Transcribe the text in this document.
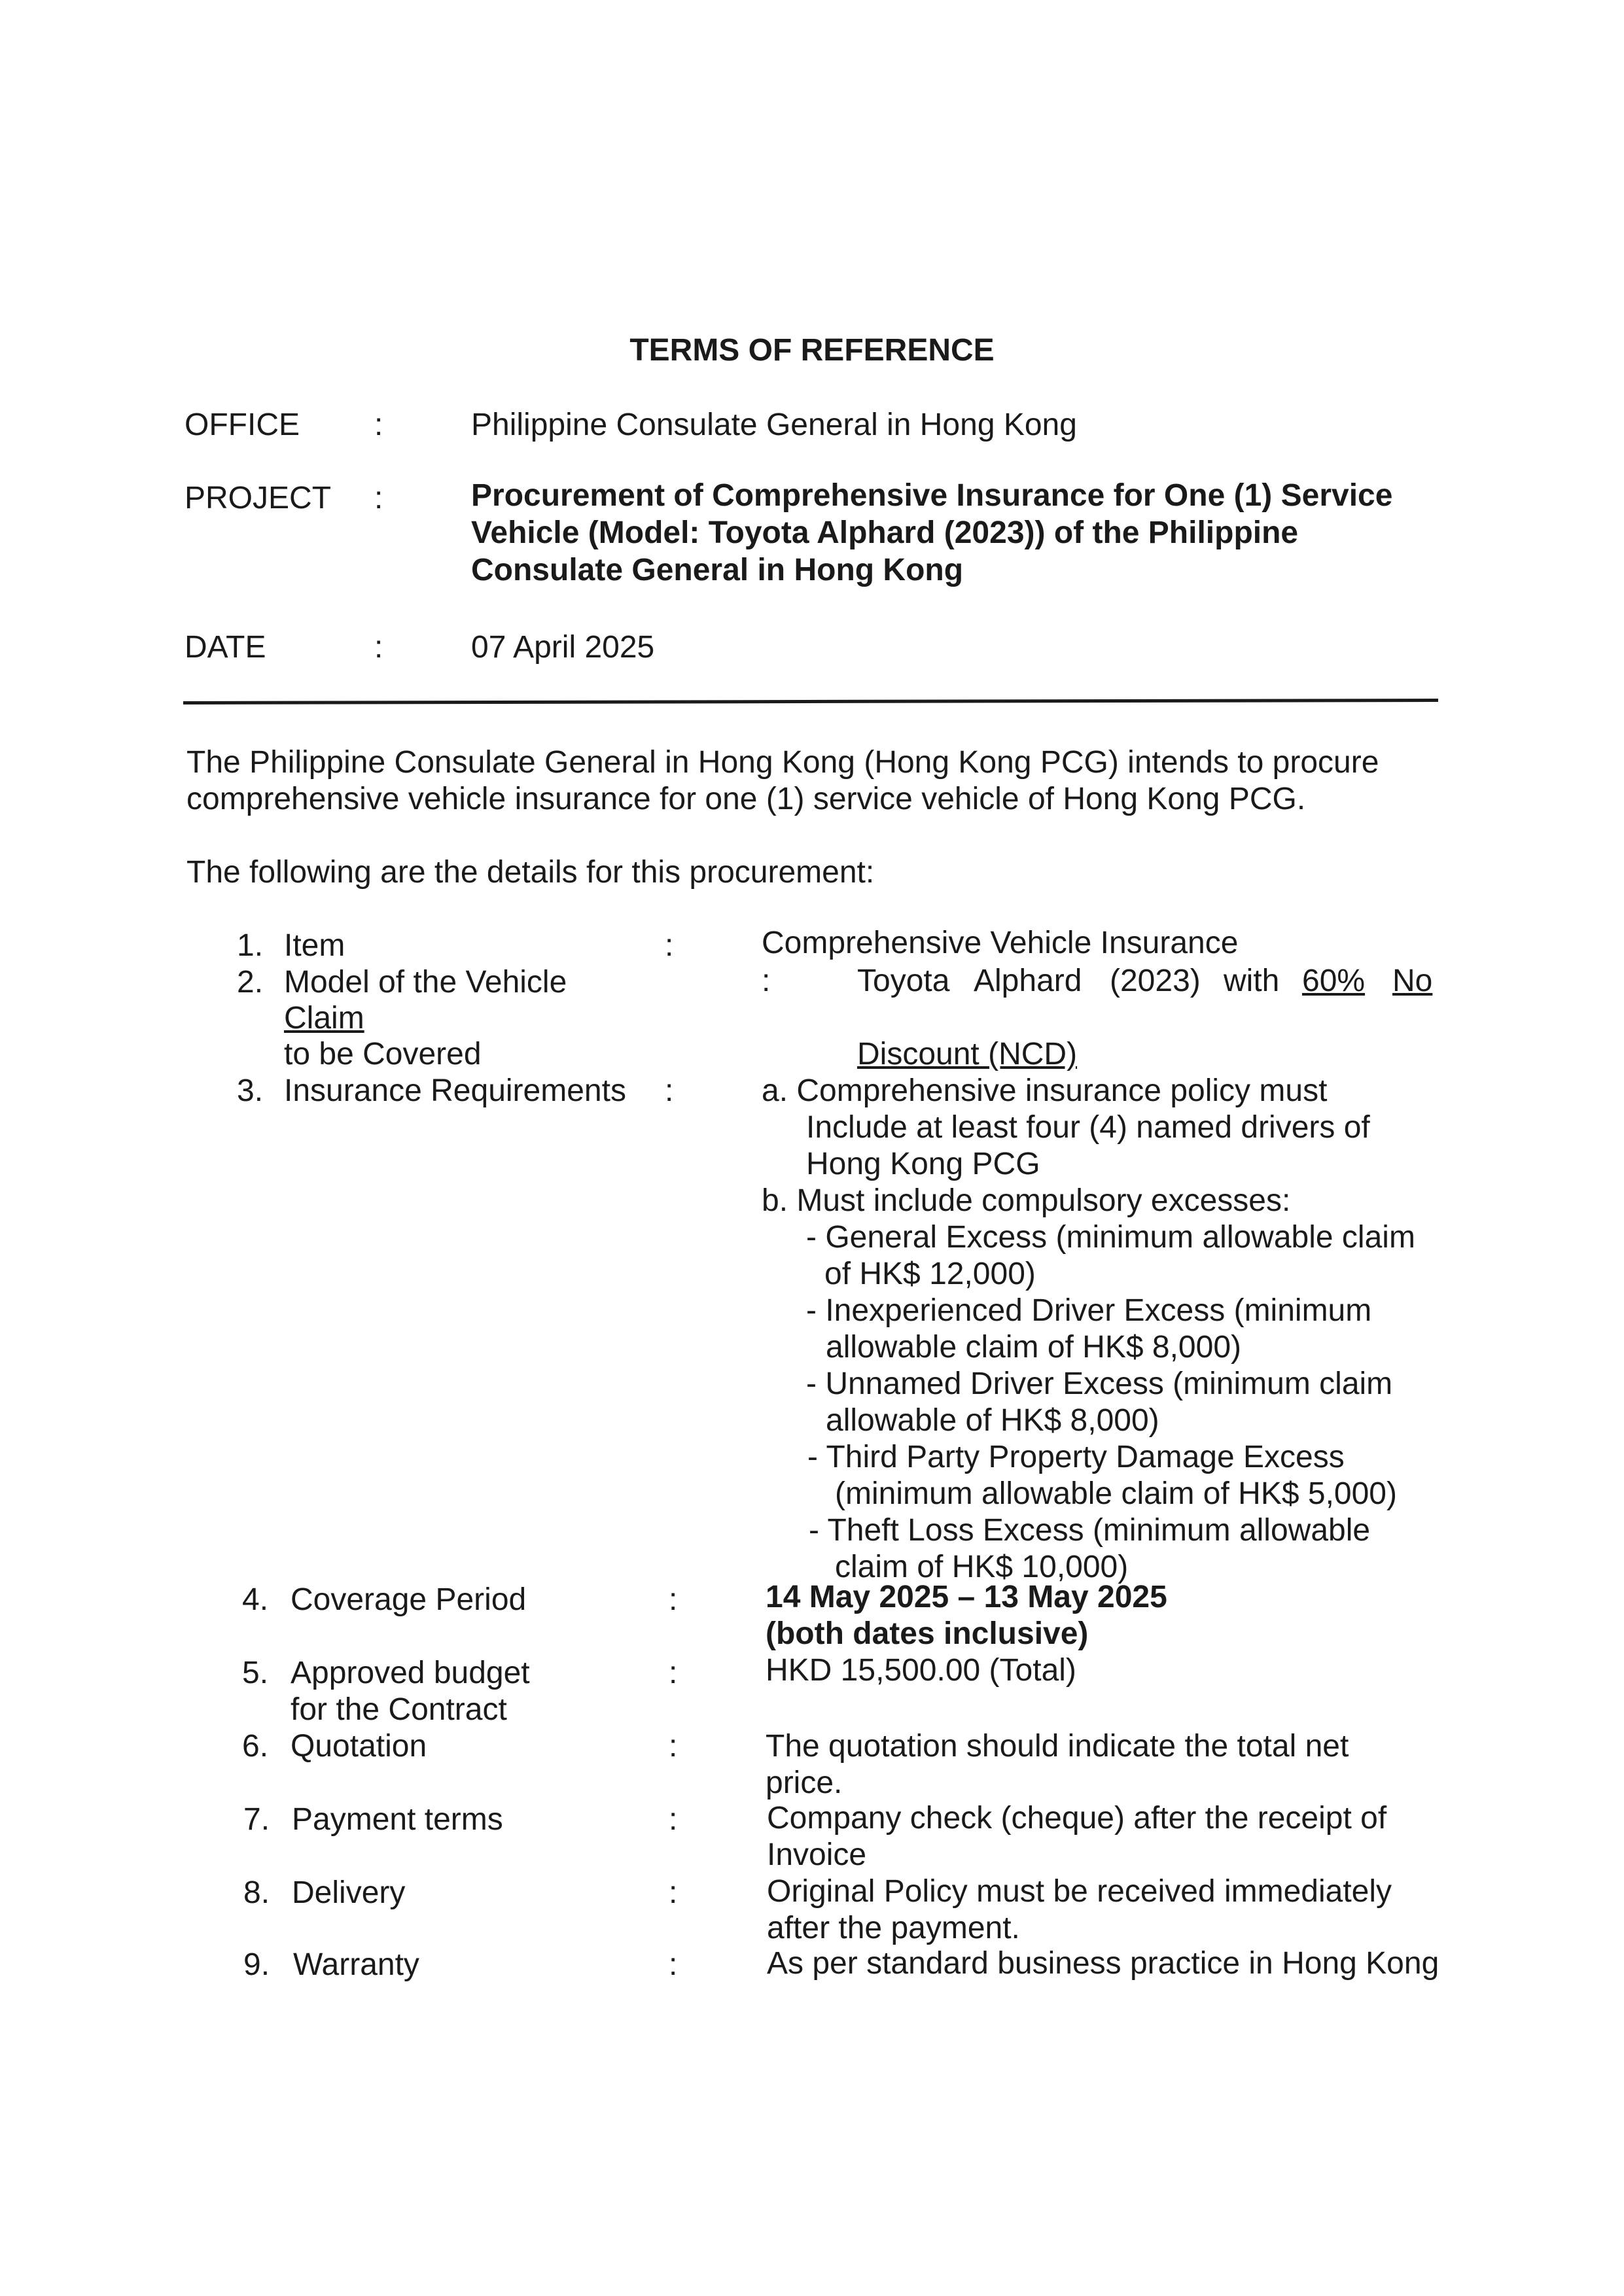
TERMS OF REFERENCE
OFFICE :	Philippine Consulate General in Hong Kong
PROJECT :	Procurement of Comprehensive Insurance for One (1) Service
Vehicle (Model: Toyota Alphard (2023)) of the Philippine
Consulate General in Hong Kong
DATE	:	07 April 2025
The Philippine Consulate General in Hong Kong (Hong Kong PCG) intends to procure
comprehensive vehicle insurance for one (1) service vehicle of Hong Kong PCG.
The following are the details for this procurement:
1. Item	:	Comprehensive Vehicle Insurance
2. Model of the Vehicle
Claim
to be Covered
:	Toyota Alphard (2023) with 60% No
Discount (NCD)
3. Insurance Requirements :	a. Comprehensive insurance policy must
Include at least four (4) named drivers of
Hong Kong PCG
b. Must include compulsory excesses:
- General Excess (minimum allowable claim
of HK$ 12,000)
- Inexperienced Driver Excess (minimum
allowable claim of HK$ 8,000)
- Unnamed Driver Excess (minimum claim
allowable of HK$ 8,000)
- Third Party Property Damage Excess
(minimum allowable claim of HK$ 5,000)
- Theft Loss Excess (minimum allowable
claim of HK$ 10,000)
4. Coverage Period	:	14 May 2025 – 13 May 2025
(both dates inclusive)
5. Approved budget
for the Contract
:	HKD 15,500.00 (Total)
6. Quotation	:	The quotation should indicate the total net
price.
7. Payment terms	:	Company check (cheque) after the receipt of
Invoice
8. Delivery	:	Original Policy must be received immediately
after the payment.
9. Warranty	:	As per standard business practice in Hong Kong
